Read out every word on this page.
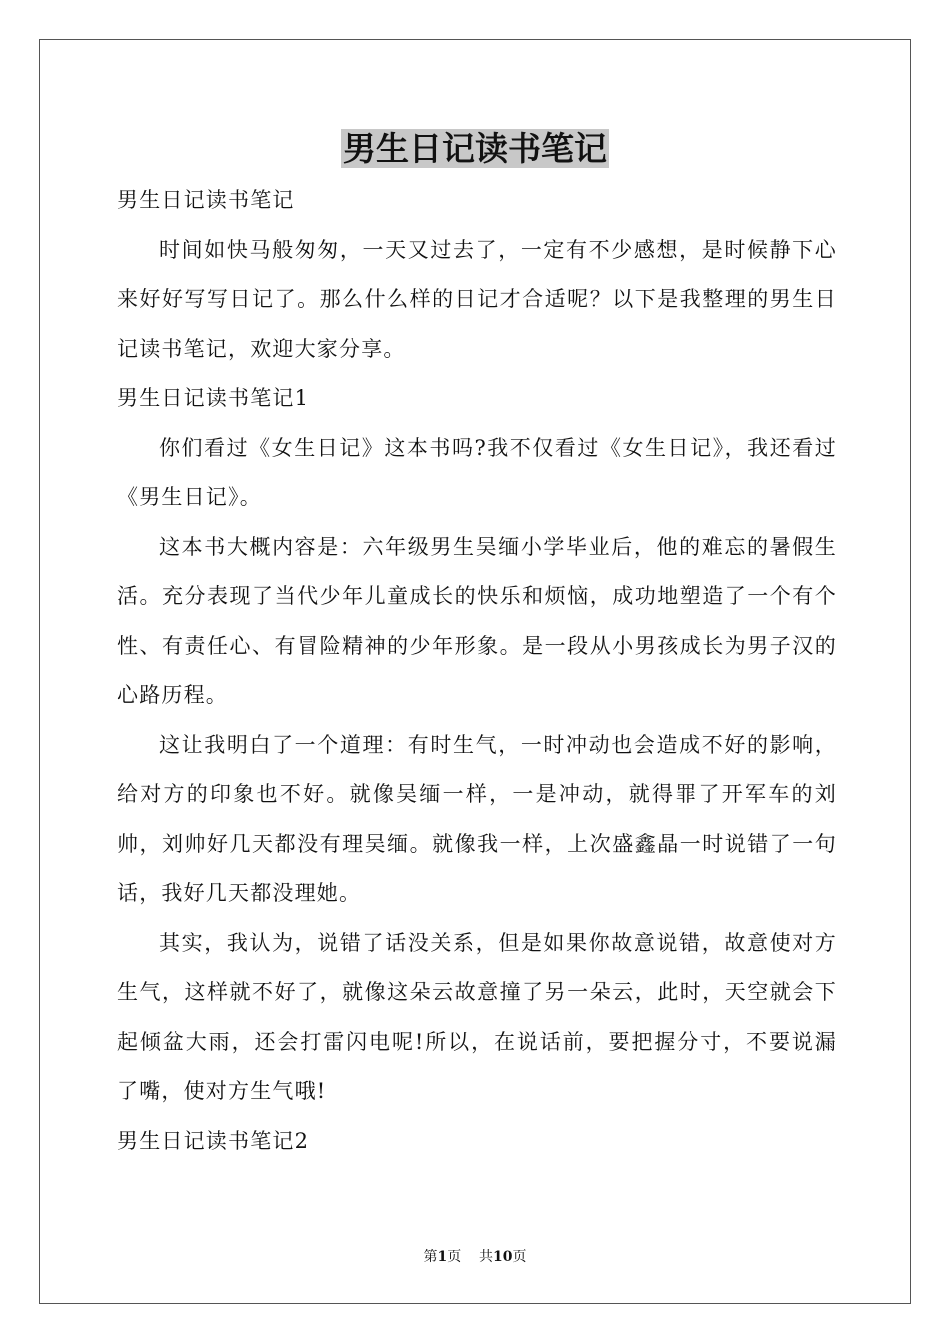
男生日记读书笔记

男生日记读书笔记

时间如快马般匆匆，一天又过去了，一定有不少感想，是时候静下心来好好写写日记了。那么什么样的日记才合适呢？以下是我整理的男生日记读书笔记，欢迎大家分享。

男生日记读书笔记1

你们看过《女生日记》这本书吗?我不仅看过《女生日记》，我还看过《男生日记》。

这本书大概内容是：六年级男生吴缅小学毕业后，他的难忘的暑假生活。充分表现了当代少年儿童成长的快乐和烦恼，成功地塑造了一个有个性、有责任心、有冒险精神的少年形象。是一段从小男孩成长为男子汉的心路历程。

这让我明白了一个道理：有时生气，一时冲动也会造成不好的影响，给对方的印象也不好。就像吴缅一样，一是冲动，就得罪了开军车的刘帅，刘帅好几天都没有理吴缅。就像我一样，上次盛鑫晶一时说错了一句话，我好几天都没理她。

其实，我认为，说错了话没关系，但是如果你故意说错，故意使对方生气，这样就不好了，就像这朵云故意撞了另一朵云，此时，天空就会下起倾盆大雨，还会打雷闪电呢!所以，在说话前，要把握分寸，不要说漏了嘴，使对方生气哦!

男生日记读书笔记2

第1页 共10页
